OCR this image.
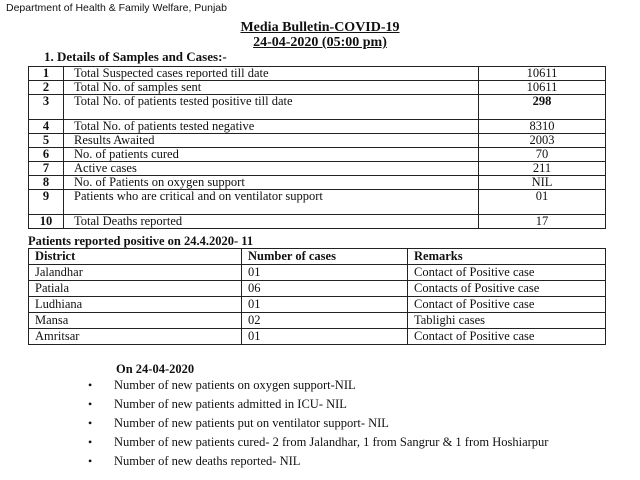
Department of Health & Family Welfare, Punjab
Media Bulletin-COVID-19
24-04-2020 (05:00 pm)
1. Details of Samples and Cases:-
1	Total Suspected cases reported till date	10611
2	Total No. of samples sent	10611
3	Total No. of patients tested positive till date	298
4	Total No. of patients tested negative	8310
5	Results Awaited	2003
6	No. of patients cured	70
7	Active cases	211
8	No. of Patients on oxygen support	NIL
9	Patients who are critical and on ventilator support	01
10	Total Deaths reported	17
Patients reported positive on 24.4.2020- 11
District	Number of cases	Remarks
Jalandhar	01	Contact of Positive case
Patiala	06	Contacts of Positive case
Ludhiana	01	Contact of Positive case
Mansa	02	Tablighi cases
Amritsar	01	Contact of Positive case
On 24-04-2020
• Number of new patients on oxygen support-NIL
• Number of new patients admitted in ICU- NIL
• Number of new patients put on ventilator support- NIL
• Number of new patients cured- 2 from Jalandhar, 1 from Sangrur & 1 from Hoshiarpur
• Number of new deaths reported- NIL
